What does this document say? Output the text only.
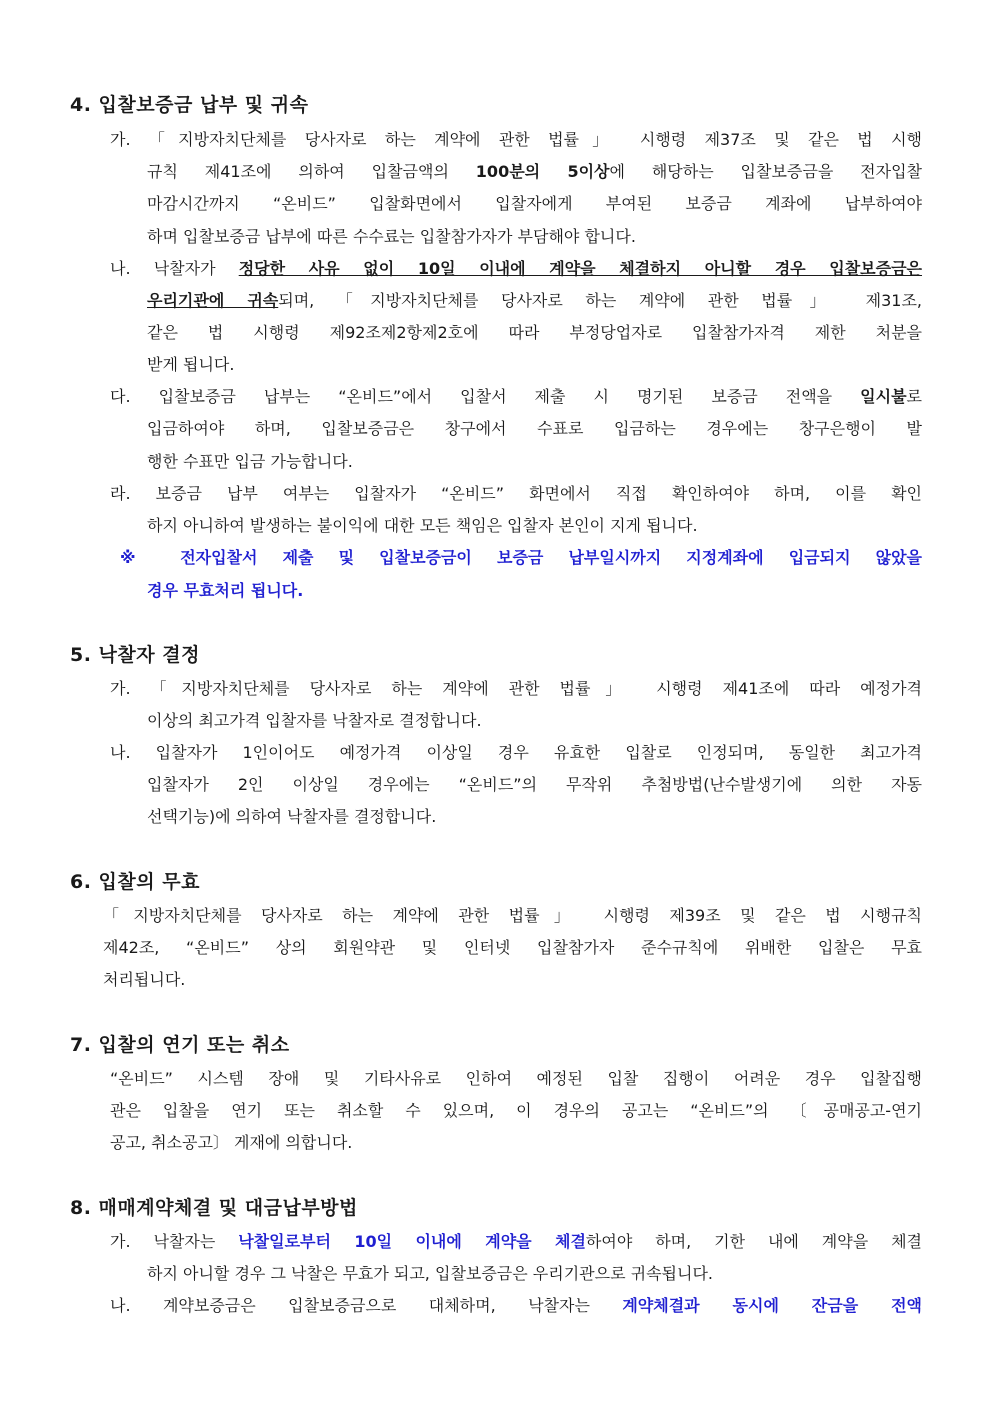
4. 입찰보증금 납부 및 귀속
가. 「지방자치단체를 당사자로 하는 계약에 관한 법률」 시행령 제37조 및 같은 법 시행
규칙 제41조에 의하여 입찰금액의 100분의 5이상에 해당하는 입찰보증금을 전자입찰
마감시간까지 “온비드” 입찰화면에서 입찰자에게 부여된 보증금 계좌에 납부하여야
하며 입찰보증금 납부에 따른 수수료는 입찰참가자가 부담해야 합니다.
나. 낙찰자가 정당한 사유 없이 10일 이내에 계약을 체결하지 아니할 경우 입찰보증금은
우리기관에 귀속되며, 「지방자치단체를 당사자로 하는 계약에 관한 법률」 제31조,
같은 법 시행령 제92조제2항제2호에 따라 부정당업자로 입찰참가자격 제한 처분을
받게 됩니다.
다. 입찰보증금 납부는 “온비드”에서 입찰서 제출 시 명기된 보증금 전액을 일시불로
입금하여야 하며, 입찰보증금은 창구에서 수표로 입금하는 경우에는 창구은행이 발
행한 수표만 입금 가능합니다.
라. 보증금 납부 여부는 입찰자가 “온비드” 화면에서 직접 확인하여야 하며, 이를 확인
하지 아니하여 발생하는 불이익에 대한 모든 책임은 입찰자 본인이 지게 됩니다.
※ 전자입찰서 제출 및 입찰보증금이 보증금 납부일시까지 지정계좌에 입금되지 않았을
경우 무효처리 됩니다.
5. 낙찰자 결정
가. 「지방자치단체를 당사자로 하는 계약에 관한 법률」 시행령 제41조에 따라 예정가격
이상의 최고가격 입찰자를 낙찰자로 결정합니다.
나. 입찰자가 1인이어도 예정가격 이상일 경우 유효한 입찰로 인정되며, 동일한 최고가격
입찰자가 2인 이상일 경우에는 “온비드”의 무작위 추첨방법(난수발생기에 의한 자동
선택기능)에 의하여 낙찰자를 결정합니다.
6. 입찰의 무효
「지방자치단체를 당사자로 하는 계약에 관한 법률」 시행령 제39조 및 같은 법 시행규칙
제42조, “온비드” 상의 회원약관 및 인터넷 입찰참가자 준수규칙에 위배한 입찰은 무효
처리됩니다.
7. 입찰의 연기 또는 취소
“온비드” 시스템 장애 및 기타사유로 인하여 예정된 입찰 집행이 어려운 경우 입찰집행
관은 입찰을 연기 또는 취소할 수 있으며, 이 경우의 공고는 “온비드”의 〔공매공고-연기
공고, 취소공고〕 게재에 의합니다.
8. 매매계약체결 및 대금납부방법
가. 낙찰자는 낙찰일로부터 10일 이내에 계약을 체결하여야 하며, 기한 내에 계약을 체결
하지 아니할 경우 그 낙찰은 무효가 되고, 입찰보증금은 우리기관으로 귀속됩니다.
나. 계약보증금은 입찰보증금으로 대체하며, 낙찰자는 계약체결과 동시에 잔금을 전액
